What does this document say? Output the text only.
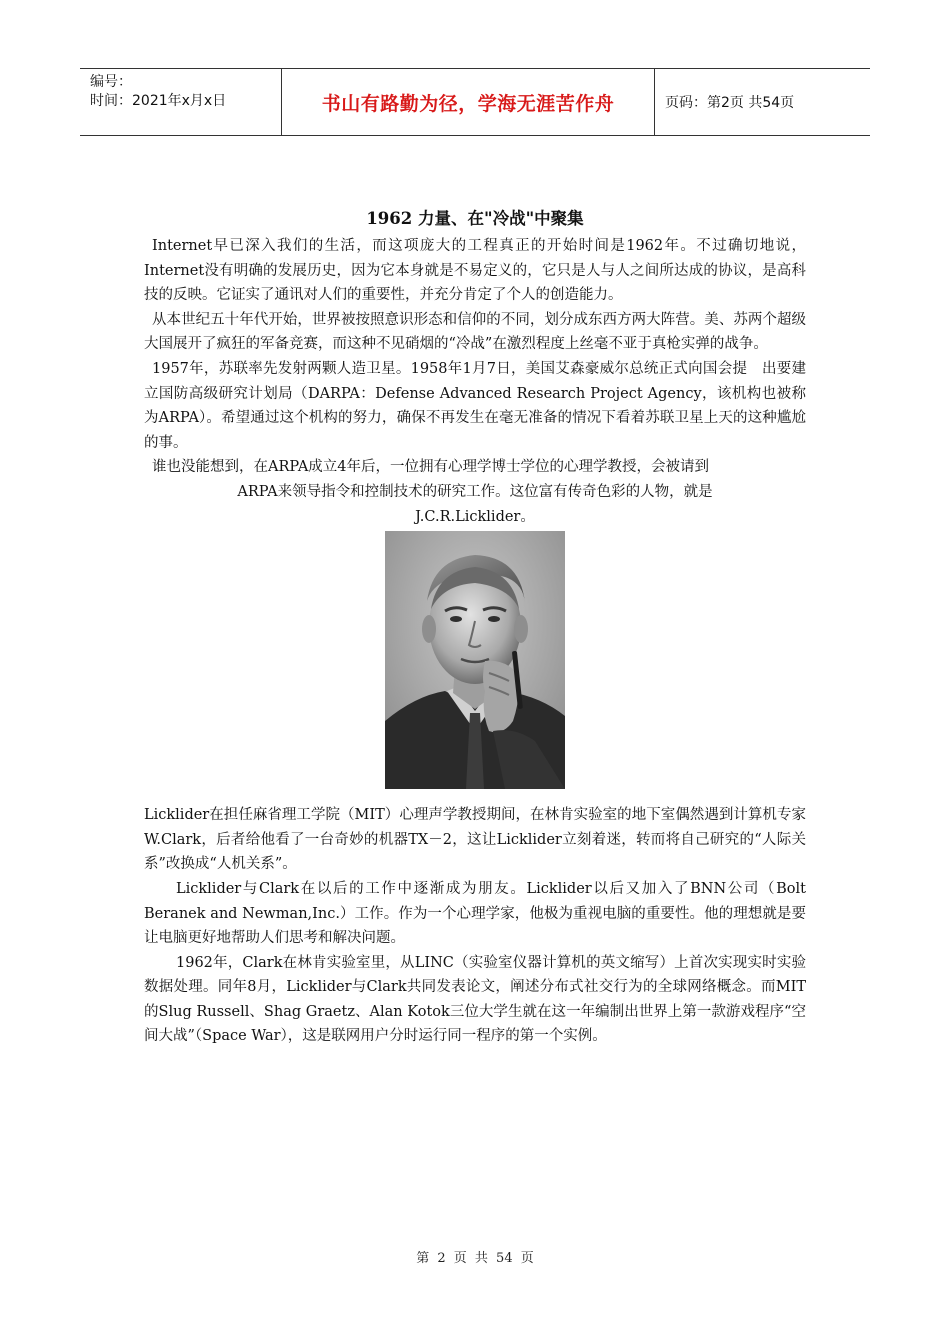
编号：
时间：2021年x月x日	书山有路勤为径，学海无涯苦作舟	页码：第2页 共54页
1962 力量、在"冷战"中聚集

Internet早已深入我们的生活，而这项庞大的工程真正的开始时间是1962年。不过确切地说，Internet没有明确的发展历史，因为它本身就是不易定义的，它只是人与人之间所达成的协议，是高科技的反映。它证实了通讯对人们的重要性，并充分肯定了个人的创造能力。

从本世纪五十年代开始，世界被按照意识形态和信仰的不同，划分成东西方两大阵营。美、苏两个超级大国展开了疯狂的军备竞赛，而这种不见硝烟的“冷战”在激烈程度上丝毫不亚于真枪实弹的战争。

1957年，苏联率先发射两颗人造卫星。1958年1月7日，美国艾森豪威尔总统正式向国会提　出要建立国防高级研究计划局（DARPA：Defense Advanced Research Project Agency，该机构也被称为ARPA）。希望通过这个机构的努力，确保不再发生在毫无准备的情况下看着苏联卫星上天的这种尴尬的事。

谁也没能想到，在ARPA成立4年后，一位拥有心理学博士学位的心理学教授，会被请到

ARPA来领导指令和控制技术的研究工作。这位富有传奇色彩的人物，就是

J.C.R.Licklider。

Licklider在担任麻省理工学院（MIT）心理声学教授期间，在林肯实验室的地下室偶然遇到计算机专家W.Clark，后者给他看了一台奇妙的机器TX－2，这让Licklider立刻着迷，转而将自己研究的“人际关系”改换成“人机关系”。

Licklider与Clark在以后的工作中逐渐成为朋友。Licklider以后又加入了BNN公司（Bolt Beranek and Newman,Inc.）工作。作为一个心理学家，他极为重视电脑的重要性。他的理想就是要让电脑更好地帮助人们思考和解决问题。

1962年，Clark在林肯实验室里，从LINC（实验室仪器计算机的英文缩写）上首次实现实时实验数据处理。同年8月，Licklider与Clark共同发表论文，阐述分布式社交行为的全球网络概念。而MIT的Slug Russell、Shag Graetz、Alan Kotok三位大学生就在这一年编制出世界上第一款游戏程序“空间大战”（Space War），这是联网用户分时运行同一程序的第一个实例。

第 2 页 共 54 页
